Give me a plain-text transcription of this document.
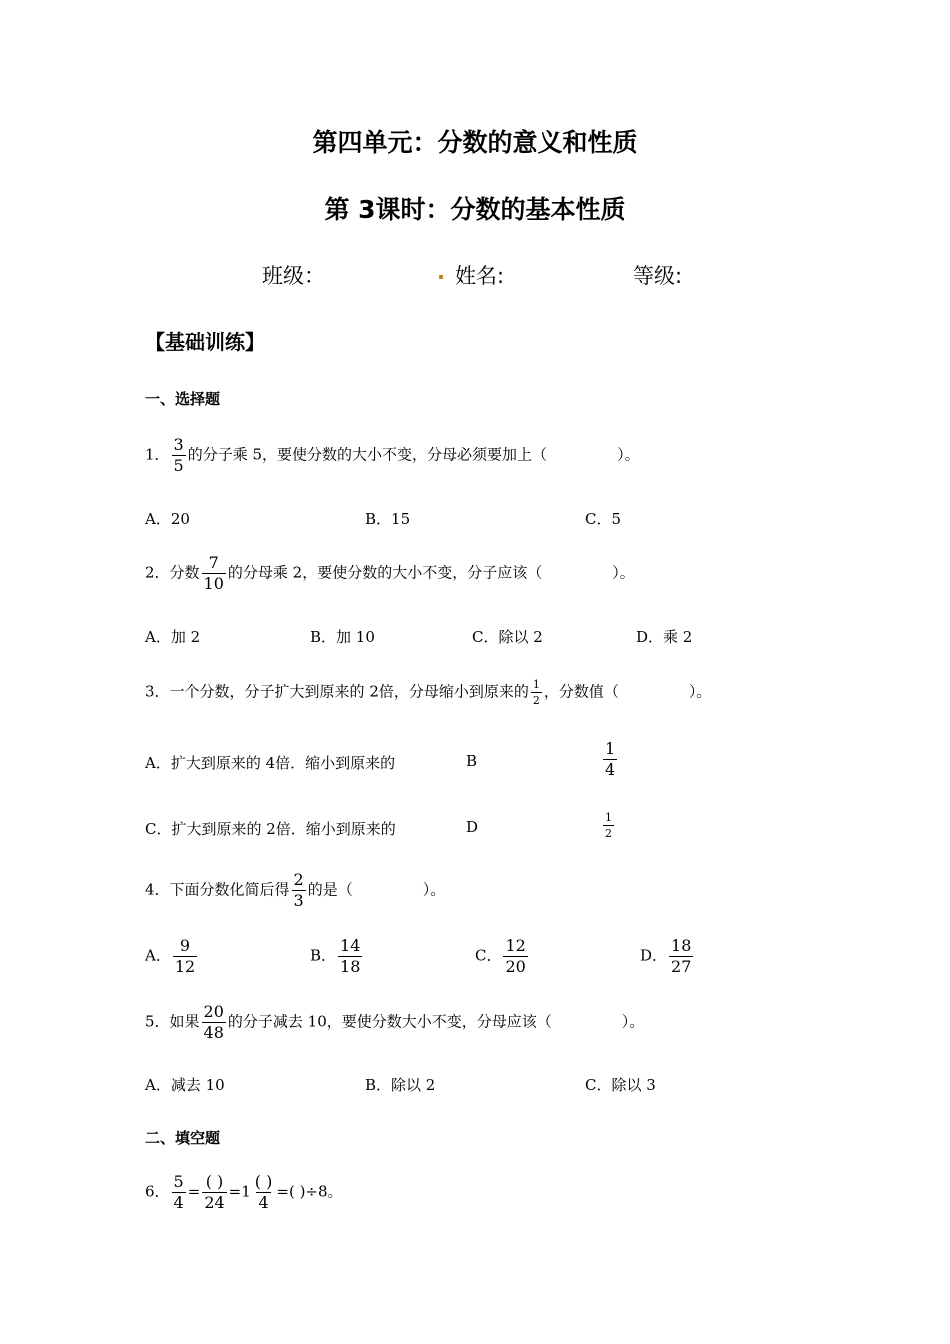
第四单元：分数的意义和性质
第 3课时：分数的基本性质
班级：	. 姓名:	等级:
【基础训练】
一、选择题
1． $\frac{3}{5}$ 的分子乘 5，要使分数的大小不变，分母必须要加上（	）。
A．20	B．15	C．5
2．分数 $\frac{7}{10}$ 的分母乘 2，要使分数的大小不变，分子应该（	）。
A．加 2	B．加 10	C．除以 2	D．乘 2
3．一个分数，分子扩大到原来的 2倍，分母缩小到原来的 $\frac{1}{2}$ ，分数值（	）。
A．扩大到原来的 4倍．缩小到原来的	B	$\frac{1}{4}$
C．扩大到原来的 2倍．缩小到原来的	D	$\frac{1}{2}$
4．下面分数化简后得 $\frac{2}{3}$ 的是（	）。
A． $\frac{9}{12}$	B． $\frac{14}{18}$	C． $\frac{12}{20}$	D． $\frac{18}{27}$
5．如果 $\frac{20}{48}$ 的分子减去 10，要使分数大小不变，分母应该（	）。
A．减去 10	B．除以 2	C．除以 3
二、填空题
6． $\frac{5}{4} = \frac{( )}{24} =1 \frac{( )}{4}$ =( )÷8。
